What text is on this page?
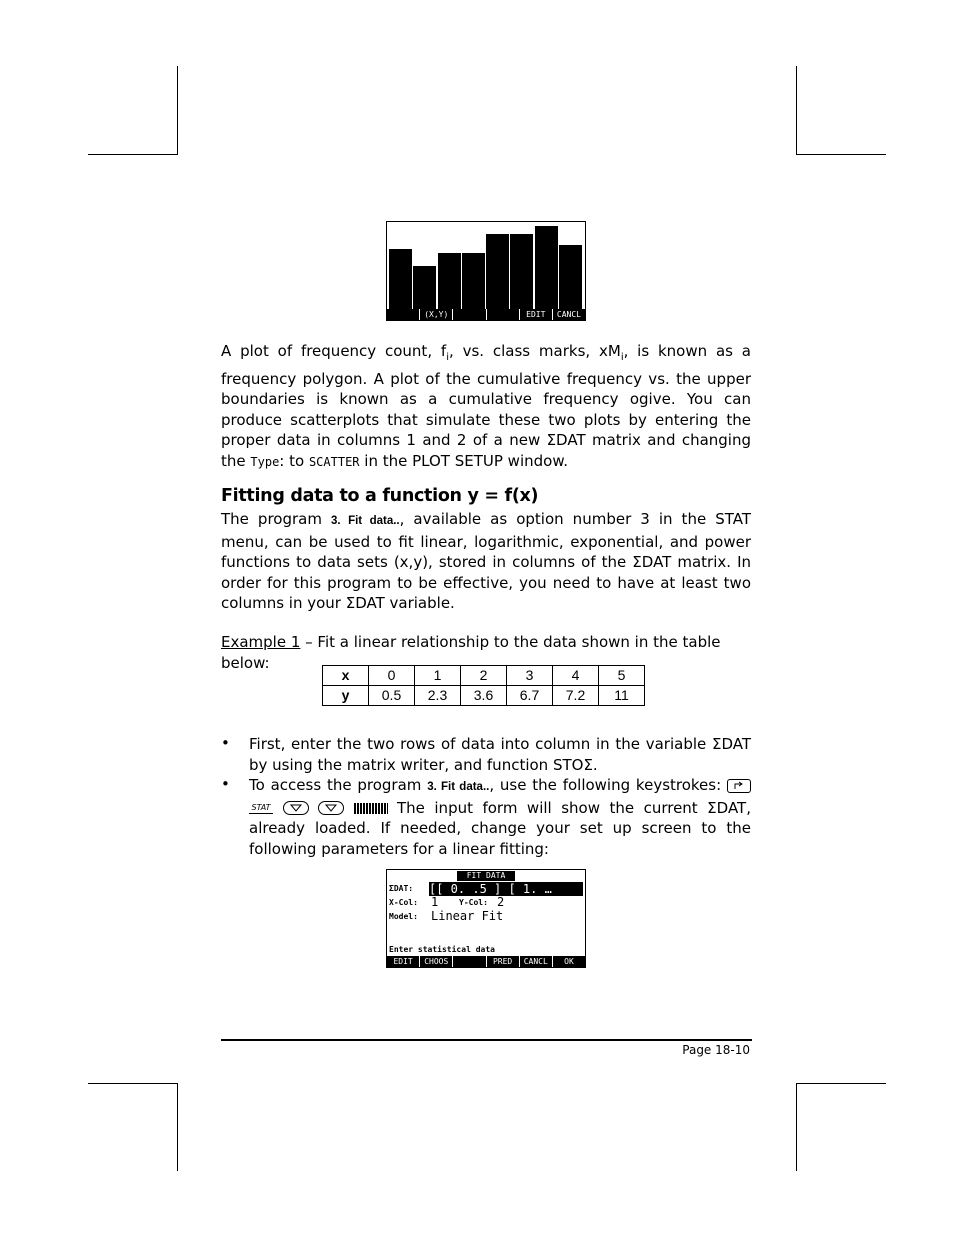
(X,Y)	EDIT	CANCL

A plot of frequency count, $f_i$, vs. class marks, $xM_i$, is known as a frequency polygon. A plot of the cumulative frequency vs. the upper boundaries is known as a cumulative frequency ogive. You can produce scatterplots that simulate these two plots by entering the proper data in columns 1 and 2 of a new ΣDAT matrix and changing the Type: to SCATTER in the PLOT SETUP window.

Fitting data to a function y = f(x)

The program 3. Fit data.., available as option number 3 in the STAT menu, can be used to fit linear, logarithmic, exponential, and power functions to data sets (x,y), stored in columns of the ΣDAT matrix. In order for this program to be effective, you need to have at least two columns in your ΣDAT variable.

Example 1 – Fit a linear relationship to the data shown in the table below:

x	0	1	2	3	4	5
y	0.5	2.3	3.6	6.7	7.2	11
•	First, enter the two rows of data into column in the variable ΣDAT by using the matrix writer, and function STOΣ.

•	To access the program 3. Fit data.., use the following keystrokes:
STAT
	The input form will show the current ΣDAT, already loaded. If needed, change your set up screen to the following parameters for a linear fitting:

FIT DATA
ΣDAT: [[ 0. .5 ] [ 1. …
X-Col: 1	Y-Col: 2
Model: Linear Fit
Enter statistical data
EDIT	CHOOS	PRED	CANCL	OK
Page 18-10
